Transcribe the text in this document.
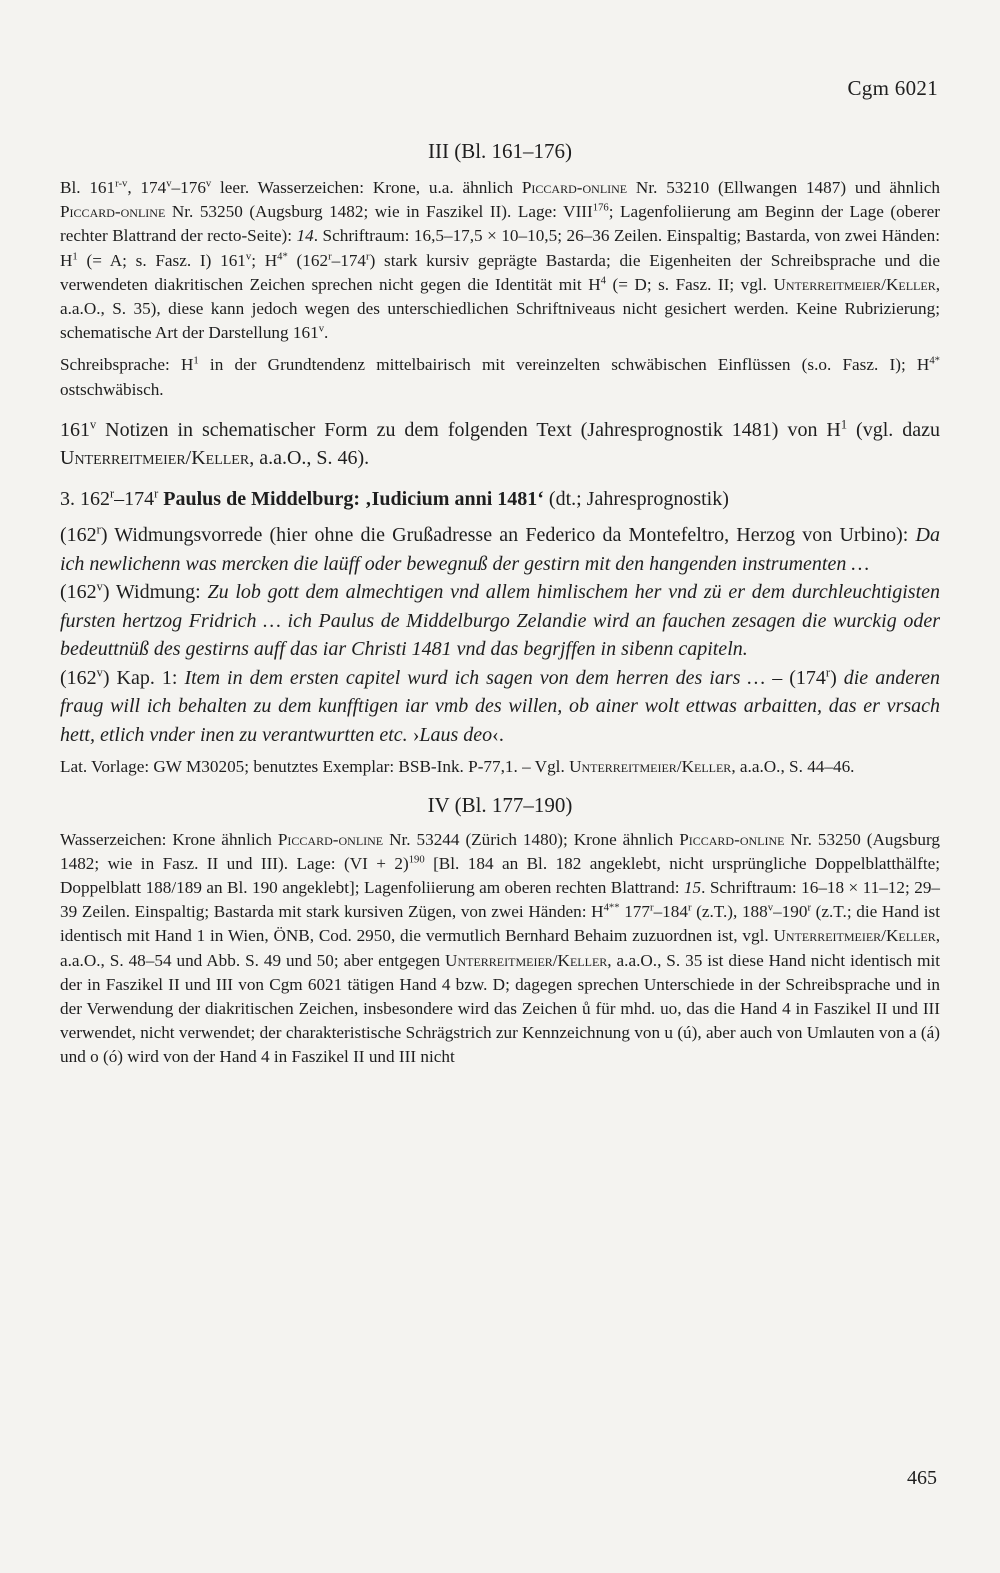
Cgm 6021
III (Bl. 161–176)

Bl. 161$^{r-v}$, 174$^v$–176$^v$ leer. Wasserzeichen: Krone, u.a. ähnlich Piccard-online Nr. 53210 (Ellwangen 1487) und ähnlich Piccard-online Nr. 53250 (Augsburg 1482; wie in Faszikel II). Lage: VIII$^{176}$; Lagenfoliierung am Beginn der Lage (oberer rechter Blattrand der recto-Seite): 14. Schriftraum: 16,5–17,5 × 10–10,5; 26–36 Zeilen. Einspaltig; Bastarda, von zwei Händen: $H^1$ (= A; s. Fasz. I) 161$^v$; $H^{4*}$ (162$^r$–174$^r$) stark kursiv geprägte Bastarda; die Eigenheiten der Schreibsprache und die verwendeten diakritischen Zeichen sprechen nicht gegen die Identität mit $H^4$ (= D; s. Fasz. II; vgl. Unterreitmeier/Keller, a.a.O., S. 35), diese kann jedoch wegen des unterschiedlichen Schriftniveaus nicht gesichert werden. Keine Rubrizierung; schematische Art der Darstellung 161$^v$.

Schreibsprache: $H^1$ in der Grundtendenz mittelbairisch mit vereinzelten schwäbischen Einflüssen (s.o. Fasz. I); $H^{4*}$ ostschwäbisch.

161$^v$ Notizen in schematischer Form zu dem folgenden Text (Jahresprognostik 1481) von $H^1$ (vgl. dazu Unterreitmeier/Keller, a.a.O., S. 46).

3. 162$^r$–174$^r$ Paulus de Middelburg: ‚Iudicium anni 1481‘ (dt.; Jahresprognostik)

(162$^r$) Widmungsvorrede (hier ohne die Grußadresse an Federico da Montefeltro, Herzog von Urbino): Da ich newlichenn was mercken die laüff oder bewegnuß der gestirn mit den hangenden instrumenten …

(162$^v$) Widmung: Zu lob gott dem almechtigen vnd allem himlischem her vnd zü er dem durchleuchtigisten fursten hertzog Fridrich … ich Paulus de Middelburgo Zelandie wird an fauchen zesagen die wurckig oder bedeuttnüß des gestirns auff das iar Christi 1481 vnd das begrjffen in sibenn capiteln.

(162$^v$) Kap. 1: Item in dem ersten capitel wurd ich sagen von dem herren des iars … – (174$^r$) die anderen fraug will ich behalten zu dem kunfftigen iar vmb des willen, ob ainer wolt ettwas arbaitten, das er vrsach hett, etlich vnder inen zu verantwurtten etc. ›Laus deo‹.

Lat. Vorlage: GW M30205; benutztes Exemplar: BSB-Ink. P-77,1. – Vgl. Unterreitmeier/Keller, a.a.O., S. 44–46.

IV (Bl. 177–190)

Wasserzeichen: Krone ähnlich Piccard-online Nr. 53244 (Zürich 1480); Krone ähnlich Piccard-online Nr. 53250 (Augsburg 1482; wie in Fasz. II und III). Lage: (VI + 2)$^{190}$ [Bl. 184 an Bl. 182 angeklebt, nicht ursprüngliche Doppelblatthälfte; Doppelblatt 188/189 an Bl. 190 angeklebt]; Lagenfoliierung am oberen rechten Blattrand: 15. Schriftraum: 16–18 × 11–12; 29–39 Zeilen. Einspaltig; Bastarda mit stark kursiven Zügen, von zwei Händen: $H^{4**}$ 177$^r$–184$^r$ (z.T.), 188$^v$–190$^r$ (z.T.; die Hand ist identisch mit Hand 1 in Wien, ÖNB, Cod. 2950, die vermutlich Bernhard Behaim zuzuordnen ist, vgl. Unterreitmeier/Keller, a.a.O., S. 48–54 und Abb. S. 49 und 50; aber entgegen Unterreitmeier/Keller, a.a.O., S. 35 ist diese Hand nicht identisch mit der in Faszikel II und III von Cgm 6021 tätigen Hand 4 bzw. D; dagegen sprechen Unterschiede in der Schreibsprache und in der Verwendung der diakritischen Zeichen, insbesondere wird das Zeichen ů für mhd. uo, das die Hand 4 in Faszikel II und III verwendet, nicht verwendet; der charakteristische Schrägstrich zur Kennzeichnung von u (ú), aber auch von Umlauten von a (á) und o (ó) wird von der Hand 4 in Faszikel II und III nicht

465
